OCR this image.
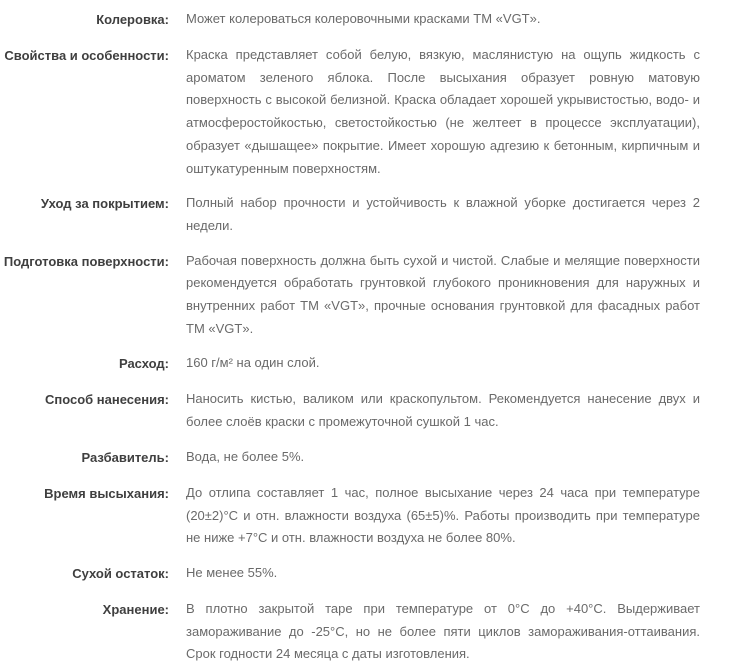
Колеровка:	Может колероваться колеровочными красками ТМ «VGT».

Свойства и особенности:	Краска представляет собой белую, вязкую, маслянистую на ощупь жидкость с ароматом зеленого яблока. После высыхания образует ровную матовую поверхность с высокой белизной. Краска обладает хорошей укрывистостью, водо- и атмосферостойкостью, светостойкостью (не желтеет в процессе эксплуатации), образует «дышащее» покрытие. Имеет хорошую адгезию к бетонным, кирпичным и оштукатуренным поверхностям.

Уход за покрытием:	Полный набор прочности и устойчивость к влажной уборке достигается через 2 недели.

Подготовка поверхности:	Рабочая поверхность должна быть сухой и чистой. Слабые и мелящие поверхности рекомендуется обработать грунтовкой глубокого проникновения для наружных и внутренних работ ТМ «VGT», прочные основания грунтовкой для фасадных работ ТМ «VGT».

Расход:	160 г/м² на один слой.

Способ нанесения:	Наносить кистью, валиком или краскопультом. Рекомендуется нанесение двух и более слоёв краски с промежуточной сушкой 1 час.

Разбавитель:	Вода, не более 5%.

Время высыхания:	До отлипа составляет 1 час, полное высыхание через 24 часа при температуре (20±2)°С и отн. влажности воздуха (65±5)%. Работы производить при температуре не ниже +7°С и отн. влажности воздуха не более 80%.

Сухой остаток:	Не менее 55%.

Хранение:	В плотно закрытой таре при температуре от 0°С до +40°С. Выдерживает замораживание до -25°С, но не более пяти циклов замораживания-оттаивания. Срок годности 24 месяца с даты изготовления.
